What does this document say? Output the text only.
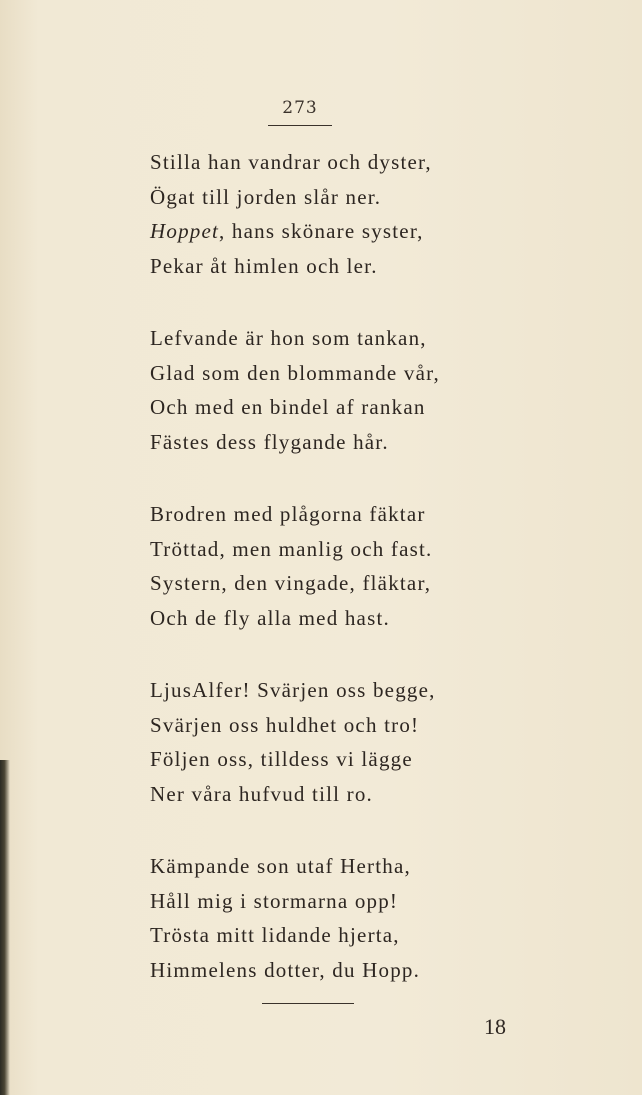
273
Stilla han vandrar och dyster,
Ögat till jorden slår ner.
Hoppet, hans skönare syster,
Pekar åt himlen och ler.
Lefvande är hon som tankan,
Glad som den blommande vår,
Och med en bindel af rankan
Fästes dess flygande hår.
Brodren med plågorna fäktar
Tröttad, men manlig och fast.
Systern, den vingade, fläktar,
Och de fly alla med hast.
LjusAlfer! Svärjen oss begge,
Svärjen oss huldhet och tro!
Följen oss, tilldess vi lägge
Ner våra hufvud till ro.
Kämpande son utaf Hertha,
Håll mig i stormarna opp!
Trösta mitt lidande hjerta,
Himmelens dotter, du Hopp.
18
